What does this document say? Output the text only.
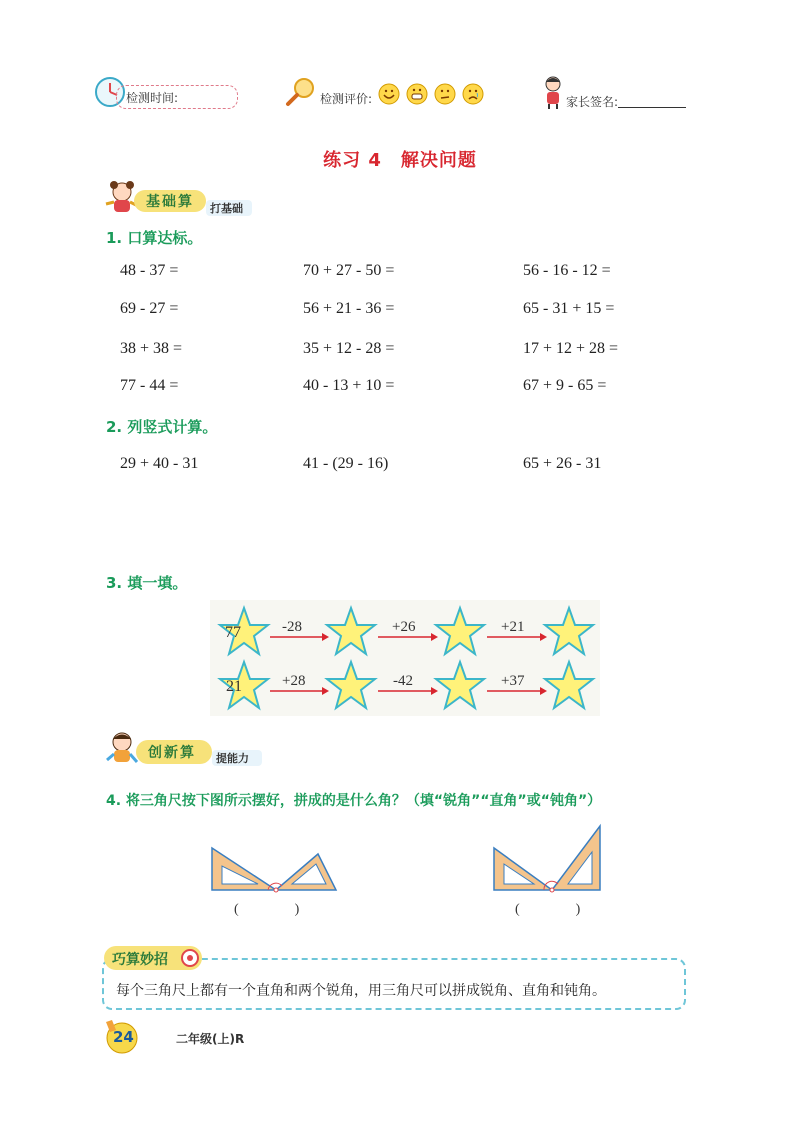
检测时间:	检测评价:	家长签名:
练习 4　解决问题
基础算 打基础
1. 口算达标。
48 - 37 =	70 + 27 - 50 =	56 - 16 - 12 =
69 - 27 =	56 + 21 - 36 =	65 - 31 + 15 =
38 + 38 =	35 + 12 - 28 =	17 + 12 + 28 =
77 - 44 =	40 - 13 + 10 =	67 + 9 - 65 =
2. 列竖式计算。
29 + 40 - 31	41 - (29 - 16)	65 + 26 - 31
3. 填一填。
77	-28	+26	+21
21	+28	-42	+37
创新算 提能力
4. 将三角尺按下图所示摆好，拼成的是什么角？（填“锐角”“直角”或“钝角”）
(　　　　)	(　　　　)
巧算妙招
每个三角尺上都有一个直角和两个锐角，用三角尺可以拼成锐角、直角和钝角。
24	二年级(上)R
